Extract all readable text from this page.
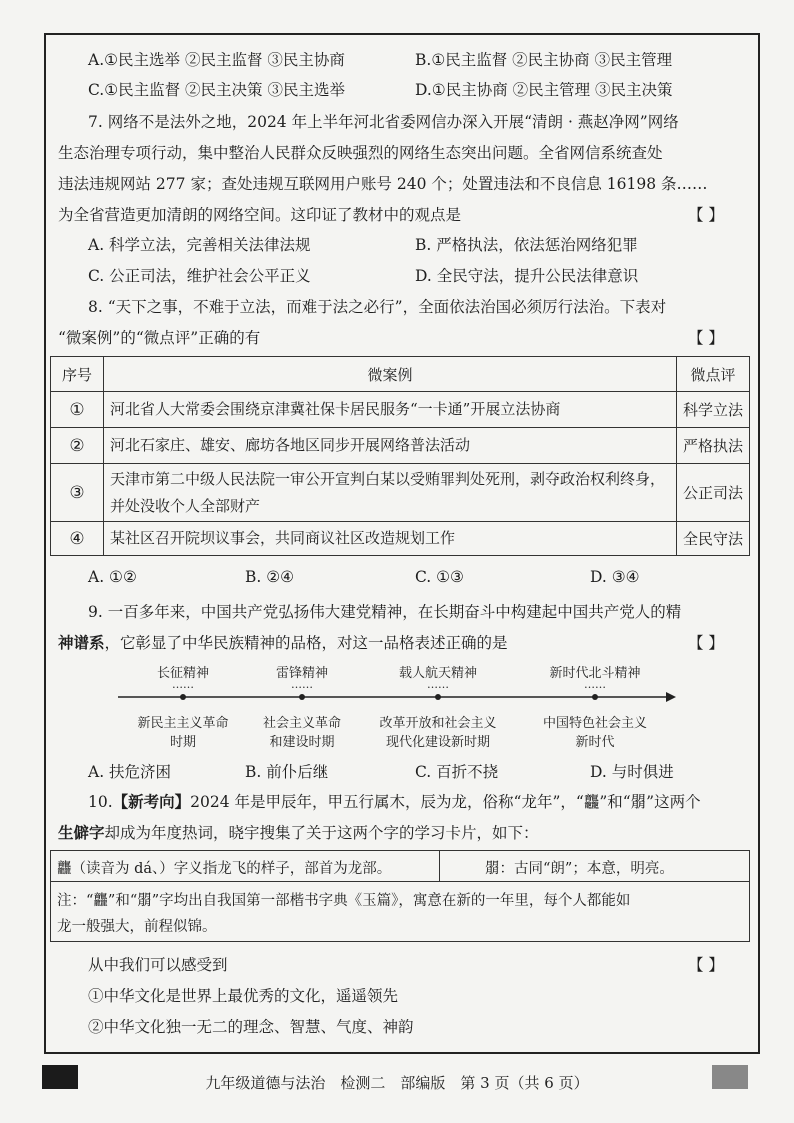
A.①民主选举 ②民主监督 ③民主协商	B.①民主监督 ②民主协商 ③民主管理
C.①民主监督 ②民主决策 ③民主选举	D.①民主协商 ②民主管理 ③民主决策
7. 网络不是法外之地，2024 年上半年河北省委网信办深入开展“清朗 · 燕赵净网”网络
生态治理专项行动，集中整治人民群众反映强烈的网络生态突出问题。全省网信系统查处
违法违规网站 277 家；查处违规互联网用户账号 240 个；处置违法和不良信息 16198 条……
为全省营造更加清朗的网络空间。这印证了教材中的观点是	【 】
A. 科学立法，完善相关法律法规	B. 严格执法，依法惩治网络犯罪
C. 公正司法，维护社会公平正义	D. 全民守法，提升公民法律意识
8. “天下之事，不难于立法，而难于法之必行”，全面依法治国必须厉行法治。下表对
“微案例”的“微点评”正确的有	【 】
序号	微案例	微点评
①	河北省人大常委会围绕京津冀社保卡居民服务“一卡通”开展立法协商	科学立法
②	河北石家庄、雄安、廊坊各地区同步开展网络普法活动	严格执法
③	天津市第二中级人民法院一审公开宣判白某以受贿罪判处死刑，剥夺政治权利终身，并处没收个人全部财产	公正司法
④	某社区召开院坝议事会，共同商议社区改造规划工作	全民守法
A. ①②	B. ②④	C. ①③	D. ③④
9. 一百多年来，中国共产党弘扬伟大建党精神，在长期奋斗中构建起中国共产党人的精
神谱系，它彰显了中华民族精神的品格，对这一品格表述正确的是	【 】
长征精神
……
新民主主义革命
时期
雷锋精神
……
社会主义革命
和建设时期
载人航天精神
……
改革开放和社会主义
现代化建设新时期
新时代北斗精神
……
中国特色社会主义
新时代
A. 扶危济困	B. 前仆后继	C. 百折不挠	D. 与时俱进
10.【新考向】2024 年是甲辰年，甲五行属木，辰为龙，俗称“龙年”，“龘”和“朤”这两个
生僻字却成为年度热词，晓宇搜集了关于这两个字的学习卡片，如下：
龘（读音为 dá、）字义指龙飞的样子，部首为龙部。	朤：古同“朗”；本意，明亮。
注：“龘”和“朤”字均出自我国第一部楷书字典《玉篇》，寓意在新的一年里，每个人都能如
龙一般强大，前程似锦。
从中我们可以感受到	【 】
①中华文化是世界上最优秀的文化，遥遥领先
②中华文化独一无二的理念、智慧、气度、神韵
九年级道德与法治　检测二　部编版　第 3 页（共 6 页）
